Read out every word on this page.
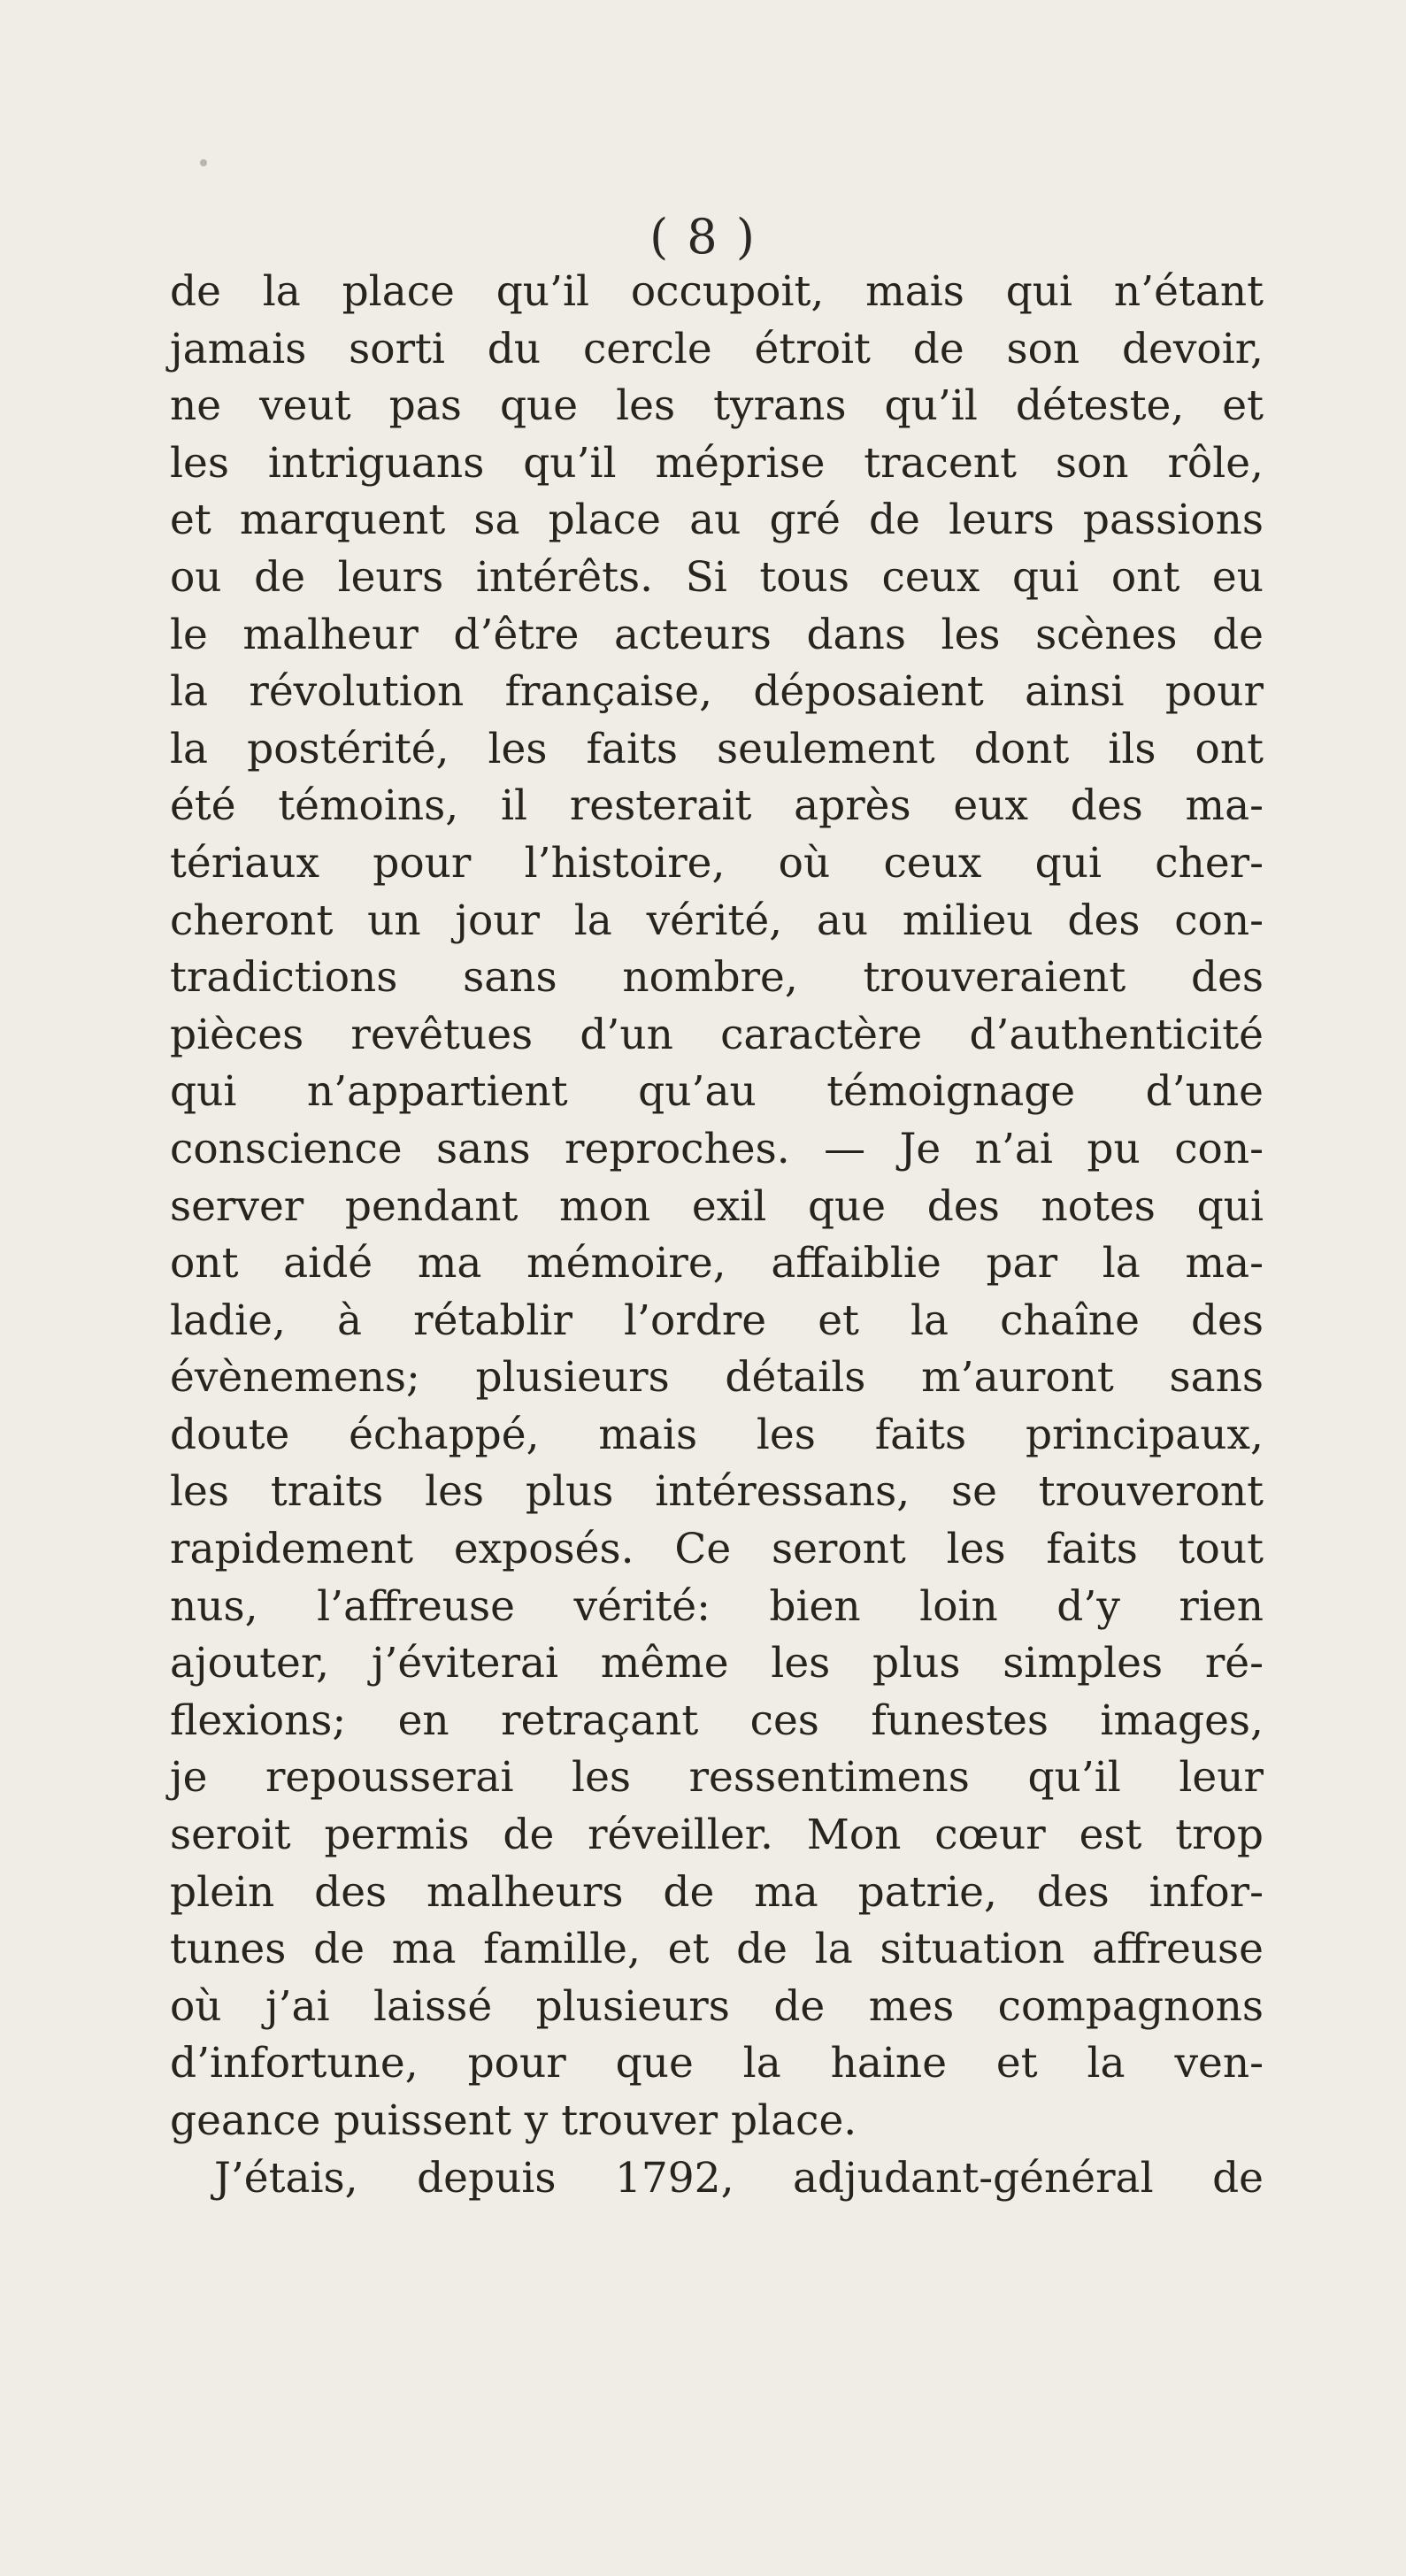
( 8 )
de la place qu’il occupoit, mais qui n’étant
jamais sorti du cercle étroit de son devoir,
ne veut pas que les tyrans qu’il déteste, et
les intriguans qu’il méprise tracent son rôle,
et marquent sa place au gré de leurs passions
ou de leurs intérêts. Si tous ceux qui ont eu
le malheur d’être acteurs dans les scènes de
la révolution française, déposaient ainsi pour
la postérité, les faits seulement dont ils ont
été témoins, il resterait après eux des ma-
tériaux pour l’histoire, où ceux qui cher-
cheront un jour la vérité, au milieu des con-
tradictions sans nombre, trouveraient des
pièces revêtues d’un caractère d’authenticité
qui n’appartient qu’au témoignage d’une
conscience sans reproches. — Je n’ai pu con-
server pendant mon exil que des notes qui
ont aidé ma mémoire, affaiblie par la ma-
ladie, à rétablir l’ordre et la chaîne des
évènemens; plusieurs détails m’auront sans
doute échappé, mais les faits principaux,
les traits les plus intéressans, se trouveront
rapidement exposés. Ce seront les faits tout
nus, l’affreuse vérité: bien loin d’y rien
ajouter, j’éviterai même les plus simples ré-
flexions; en retraçant ces funestes images,
je repousserai les ressentimens qu’il leur
seroit permis de réveiller. Mon cœur est trop
plein des malheurs de ma patrie, des infor-
tunes de ma famille, et de la situation affreuse
où j’ai laissé plusieurs de mes compagnons
d’infortune, pour que la haine et la ven-
geance puissent y trouver place.
J’étais, depuis 1792, adjudant-général de
